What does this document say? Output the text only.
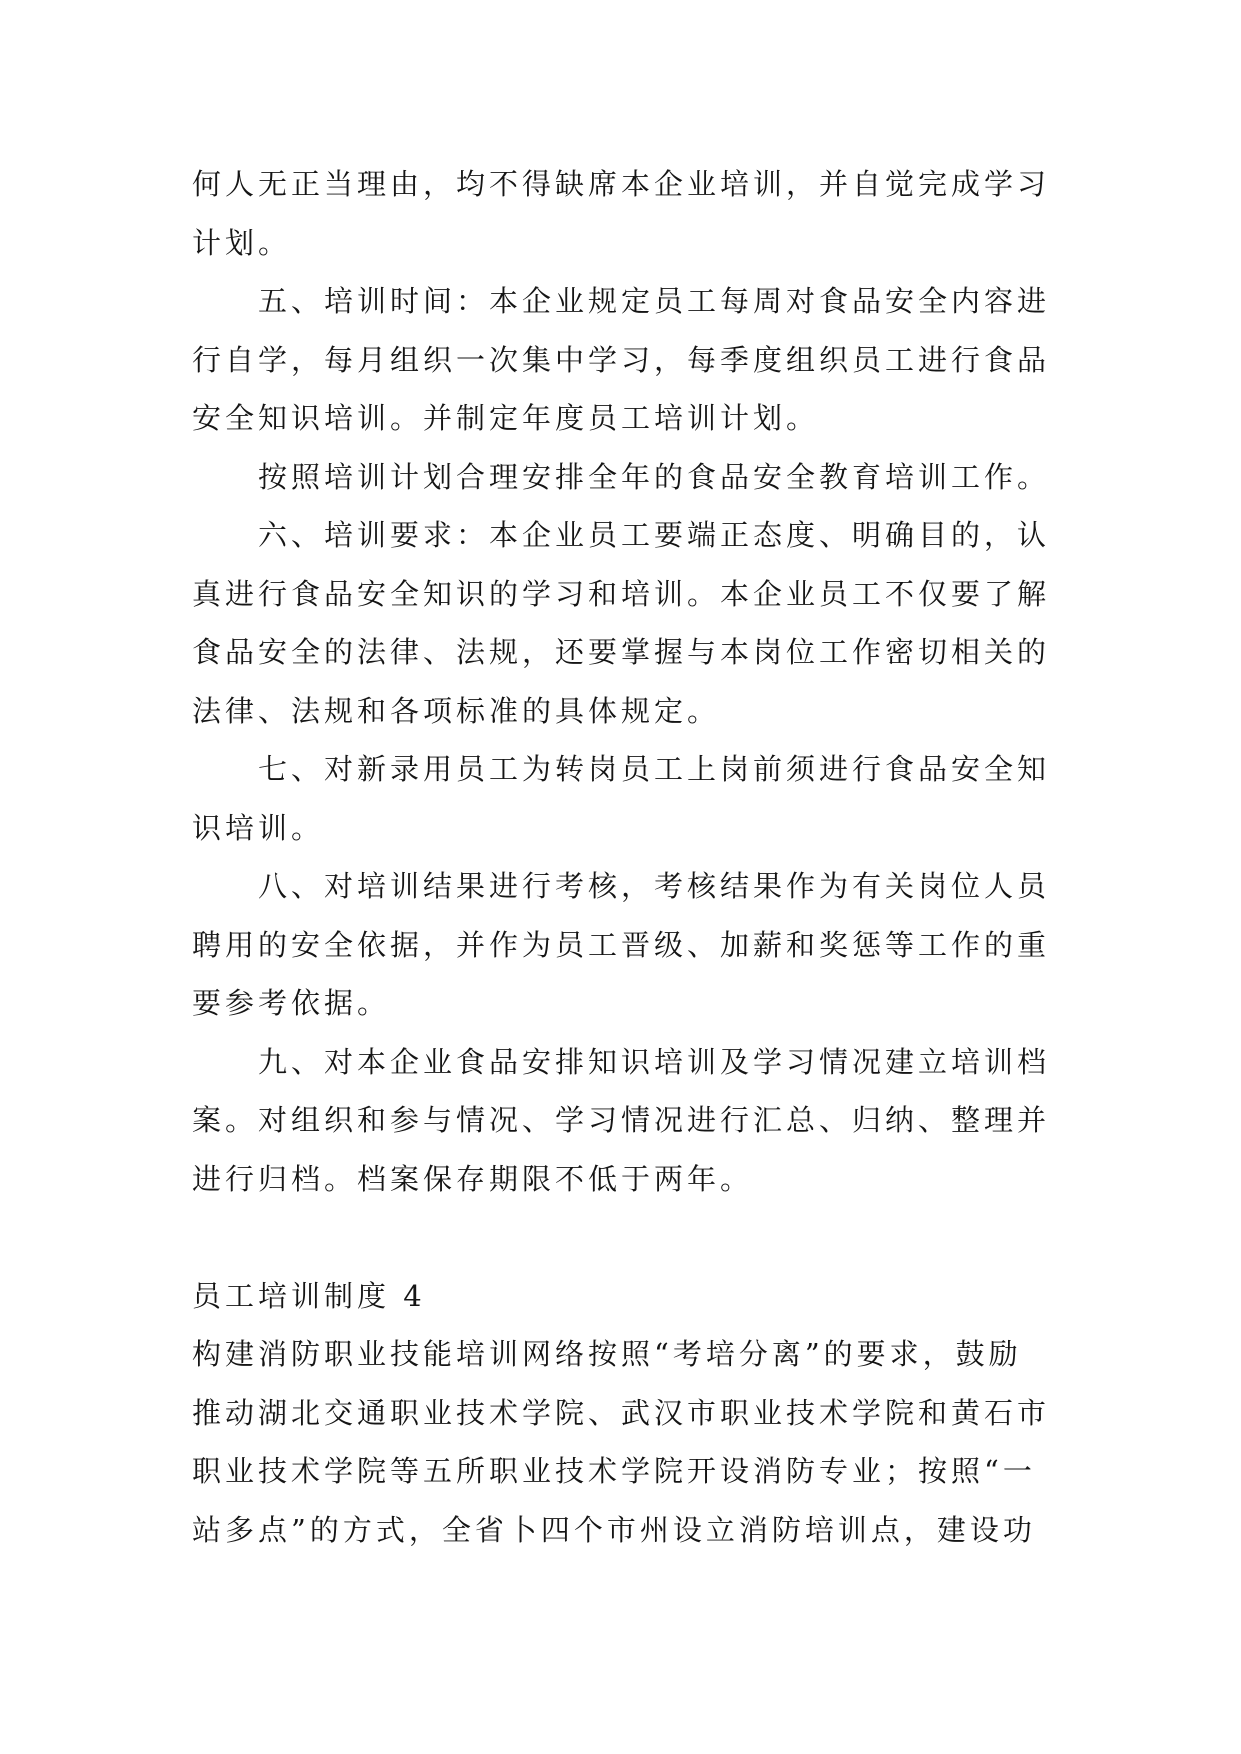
何人无正当理由，均不得缺席本企业培训，并自觉完成学习
计划。
五、培训时间：本企业规定员工每周对食品安全内容进
行自学，每月组织一次集中学习，每季度组织员工进行食品
安全知识培训。并制定年度员工培训计划。
按照培训计划合理安排全年的食品安全教育培训工作。
六、培训要求：本企业员工要端正态度、明确目的，认
真进行食品安全知识的学习和培训。本企业员工不仅要了解
食品安全的法律、法规，还要掌握与本岗位工作密切相关的
法律、法规和各项标准的具体规定。
七、对新录用员工为转岗员工上岗前须进行食品安全知
识培训。
八、对培训结果进行考核，考核结果作为有关岗位人员
聘用的安全依据，并作为员工晋级、加薪和奖惩等工作的重
要参考依据。
九、对本企业食品安排知识培训及学习情况建立培训档
案。对组织和参与情况、学习情况进行汇总、归纳、整理并
进行归档。档案保存期限不低于两年。
员工培训制度 4
构建消防职业技能培训网络按照“考培分离”的要求，鼓励
推动湖北交通职业技术学院、武汉市职业技术学院和黄石市
职业技术学院等五所职业技术学院开设消防专业；按照“一
站多点”的方式，全省卜四个市州设立消防培训点，建设功
